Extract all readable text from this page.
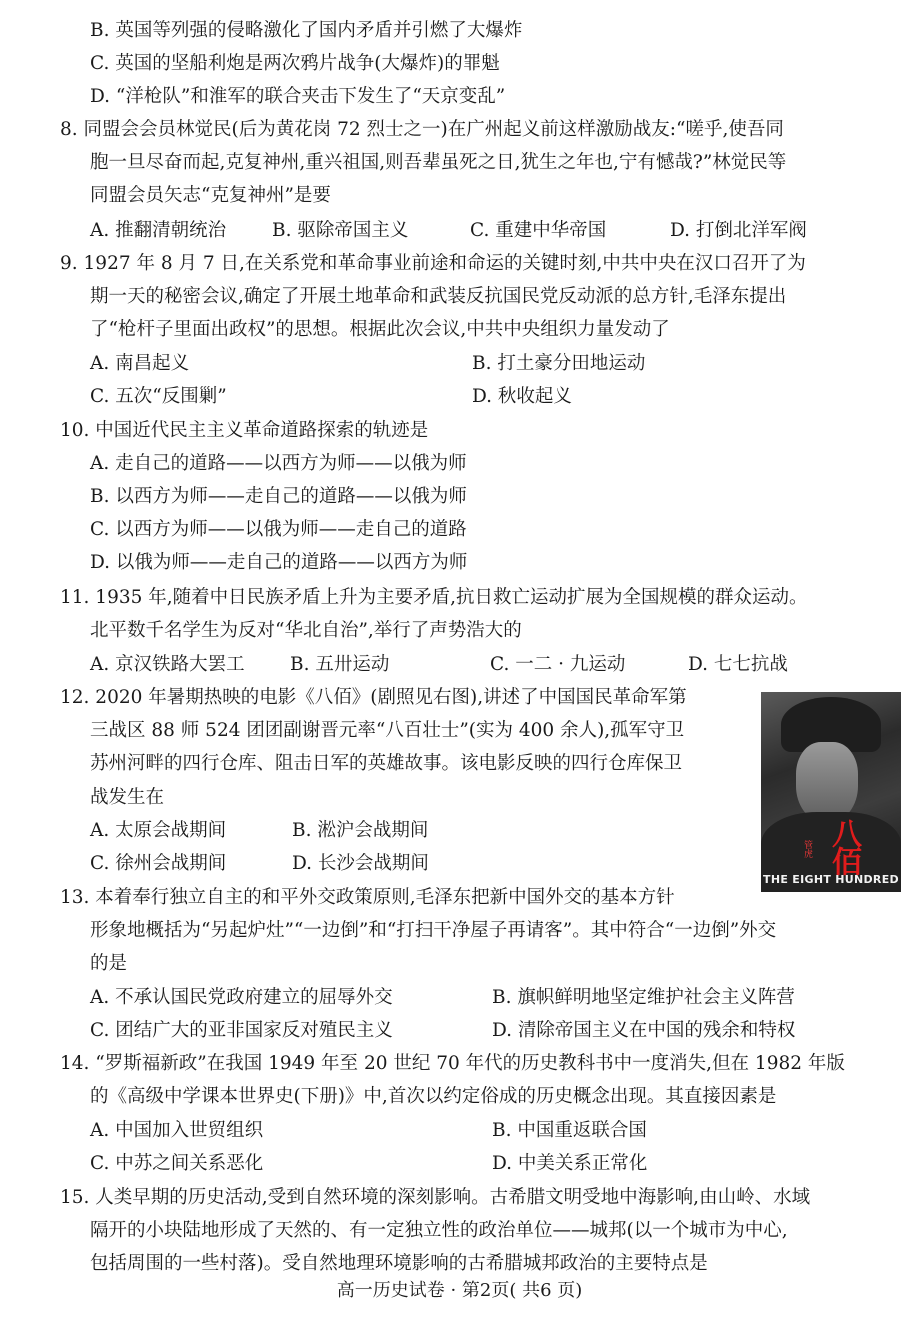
B. 英国等列强的侵略激化了国内矛盾并引燃了大爆炸
C. 英国的坚船利炮是两次鸦片战争(大爆炸)的罪魁
D. “洋枪队”和淮军的联合夹击下发生了“天京变乱”
8. 同盟会会员林觉民(后为黄花岗 72 烈士之一)在广州起义前这样激励战友:“嗟乎,使吾同
胞一旦尽奋而起,克复神州,重兴祖国,则吾辈虽死之日,犹生之年也,宁有憾哉?”林觉民等
同盟会员矢志“克复神州”是要
A. 推翻清朝统治 B. 驱除帝国主义	C. 重建中华帝国	D. 打倒北洋军阀
9. 1927 年 8 月 7 日,在关系党和革命事业前途和命运的关键时刻,中共中央在汉口召开了为
期一天的秘密会议,确定了开展土地革命和武装反抗国民党反动派的总方针,毛泽东提出
了“枪杆子里面出政权”的思想。根据此次会议,中共中央组织力量发动了
A. 南昌起义	B. 打土豪分田地运动
C. 五次“反围剿”	D. 秋收起义
10. 中国近代民主主义革命道路探索的轨迹是
A. 走自己的道路——以西方为师——以俄为师
B. 以西方为师——走自己的道路——以俄为师
C. 以西方为师——以俄为师——走自己的道路
D. 以俄为师——走自己的道路——以西方为师
11. 1935 年,随着中日民族矛盾上升为主要矛盾,抗日救亡运动扩展为全国规模的群众运动。
北平数千名学生为反对“华北自治”,举行了声势浩大的
A. 京汉铁路大罢工 B. 五卅运动	C. 一二 · 九运动	D. 七七抗战
12. 2020 年暑期热映的电影《八佰》(剧照见右图),讲述了中国国民革命军第
三战区 88 师 524 团团副谢晋元率“八百壮士”(实为 400 余人),孤军守卫
苏州河畔的四行仓库、阻击日军的英雄故事。该电影反映的四行仓库保卫
战发生在
A. 太原会战期间	B. 淞沪会战期间
C. 徐州会战期间	D. 长沙会战期间
管虎 八佰
THE EIGHT HUNDRED
13. 本着奉行独立自主的和平外交政策原则,毛泽东把新中国外交的基本方针
形象地概括为“另起炉灶”“一边倒”和“打扫干净屋子再请客”。其中符合“一边倒”外交
的是
A. 不承认国民党政府建立的屈辱外交	B. 旗帜鲜明地坚定维护社会主义阵营
C. 团结广大的亚非国家反对殖民主义	D. 清除帝国主义在中国的残余和特权
14. “罗斯福新政”在我国 1949 年至 20 世纪 70 年代的历史教科书中一度消失,但在 1982 年版
的《高级中学课本世界史(下册)》中,首次以约定俗成的历史概念出现。其直接因素是
A. 中国加入世贸组织	B. 中国重返联合国
C. 中苏之间关系恶化	D. 中美关系正常化
15. 人类早期的历史活动,受到自然环境的深刻影响。古希腊文明受地中海影响,由山岭、水域
隔开的小块陆地形成了天然的、有一定独立性的政治单位——城邦(以一个城市为中心,
包括周围的一些村落)。受自然地理环境影响的古希腊城邦政治的主要特点是
高一历史试卷 · 第2页( 共6 页)
